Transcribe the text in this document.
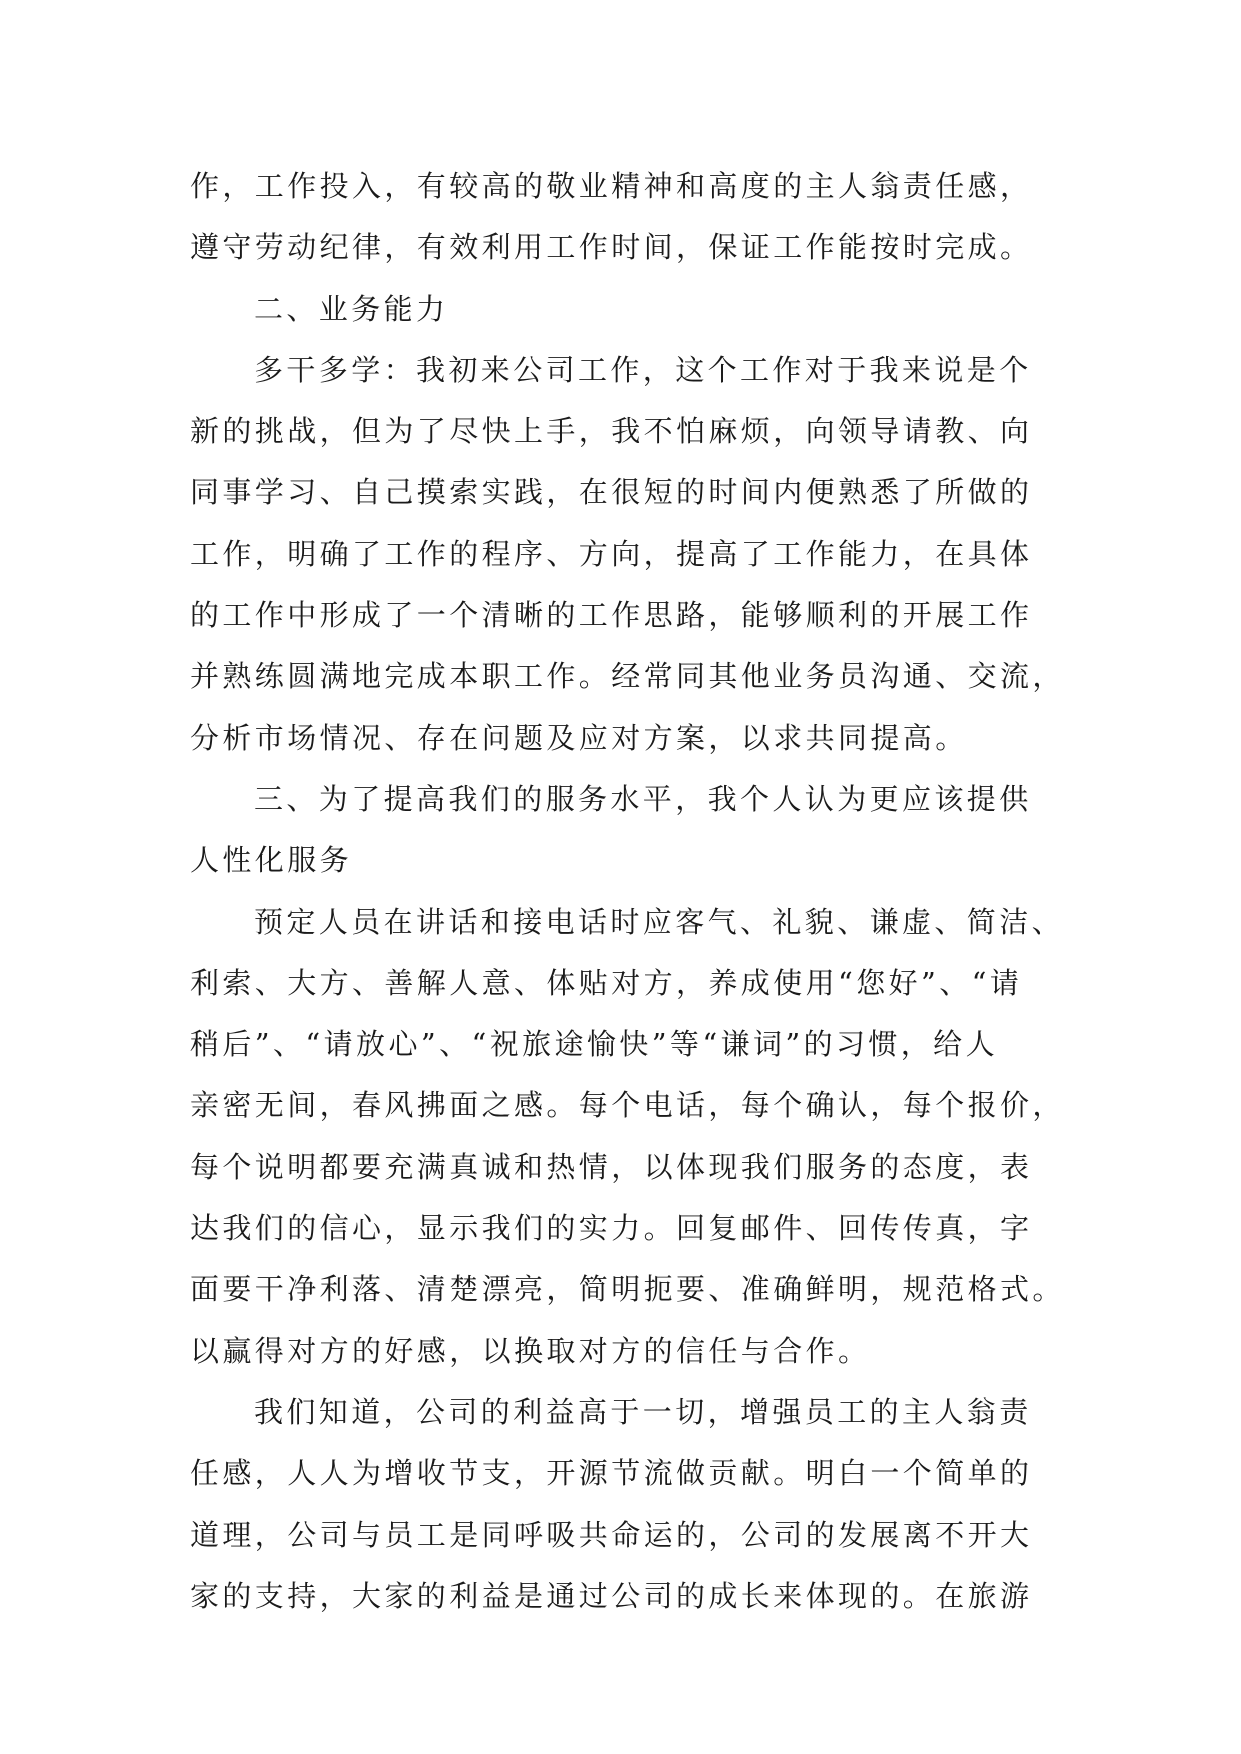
作，工作投入，有较高的敬业精神和高度的主人翁责任感，
遵守劳动纪律，有效利用工作时间，保证工作能按时完成。
二、业务能力
多干多学：我初来公司工作，这个工作对于我来说是个
新的挑战，但为了尽快上手，我不怕麻烦，向领导请教、向
同事学习、自己摸索实践，在很短的时间内便熟悉了所做的
工作，明确了工作的程序、方向，提高了工作能力，在具体
的工作中形成了一个清晰的工作思路，能够顺利的开展工作
并熟练圆满地完成本职工作。经常同其他业务员沟通、交流，
分析市场情况、存在问题及应对方案，以求共同提高。
三、为了提高我们的服务水平，我个人认为更应该提供
人性化服务
预定人员在讲话和接电话时应客气、礼貌、谦虚、简洁、
利索、大方、善解人意、体贴对方，养成使用“您好”、“请
稍后”、“请放心”、“祝旅途愉快”等“谦词”的习惯，给人
亲密无间，春风拂面之感。每个电话，每个确认，每个报价，
每个说明都要充满真诚和热情，以体现我们服务的态度，表
达我们的信心，显示我们的实力。回复邮件、回传传真，字
面要干净利落、清楚漂亮，简明扼要、准确鲜明，规范格式。
以赢得对方的好感，以换取对方的信任与合作。
我们知道，公司的利益高于一切，增强员工的主人翁责
任感，人人为增收节支，开源节流做贡献。明白一个简单的
道理，公司与员工是同呼吸共命运的，公司的发展离不开大
家的支持，大家的利益是通过公司的成长来体现的。在旅游
